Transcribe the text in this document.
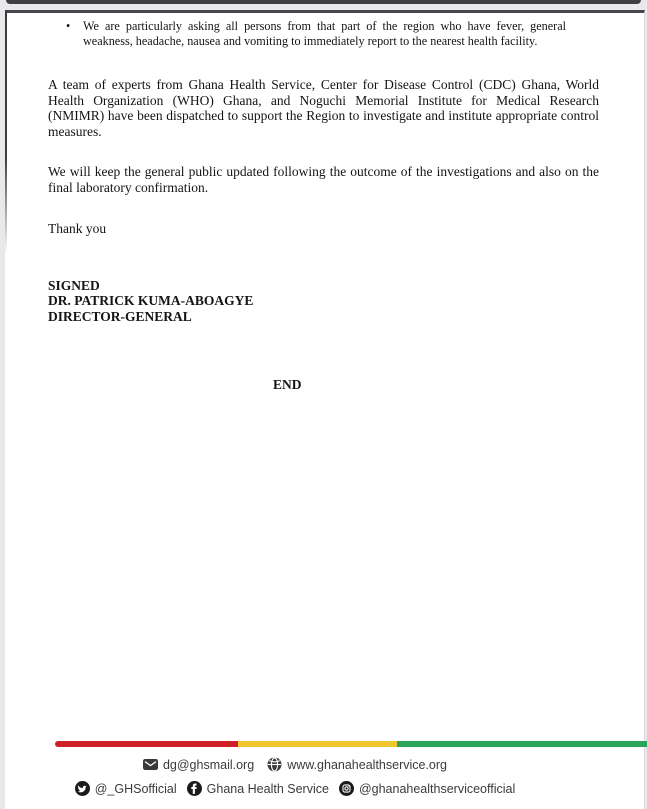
•	We are particularly asking all persons from that part of the region who have fever, general weakness, headache, nausea and vomiting to immediately report to the nearest health facility.

A team of experts from Ghana Health Service, Center for Disease Control (CDC) Ghana, World Health Organization (WHO) Ghana, and Noguchi Memorial Institute for Medical Research (NMIMR) have been dispatched to support the Region to investigate and institute appropriate control measures.

We will keep the general public updated following the outcome of the investigations and also on the final laboratory confirmation.

Thank you

SIGNED
DR. PATRICK KUMA-ABOAGYE
DIRECTOR-GENERAL

END

dg@ghsmail.org	www.ghanahealthservice.org
@_GHSofficial Ghana Health Service @ghanahealthserviceofficial
